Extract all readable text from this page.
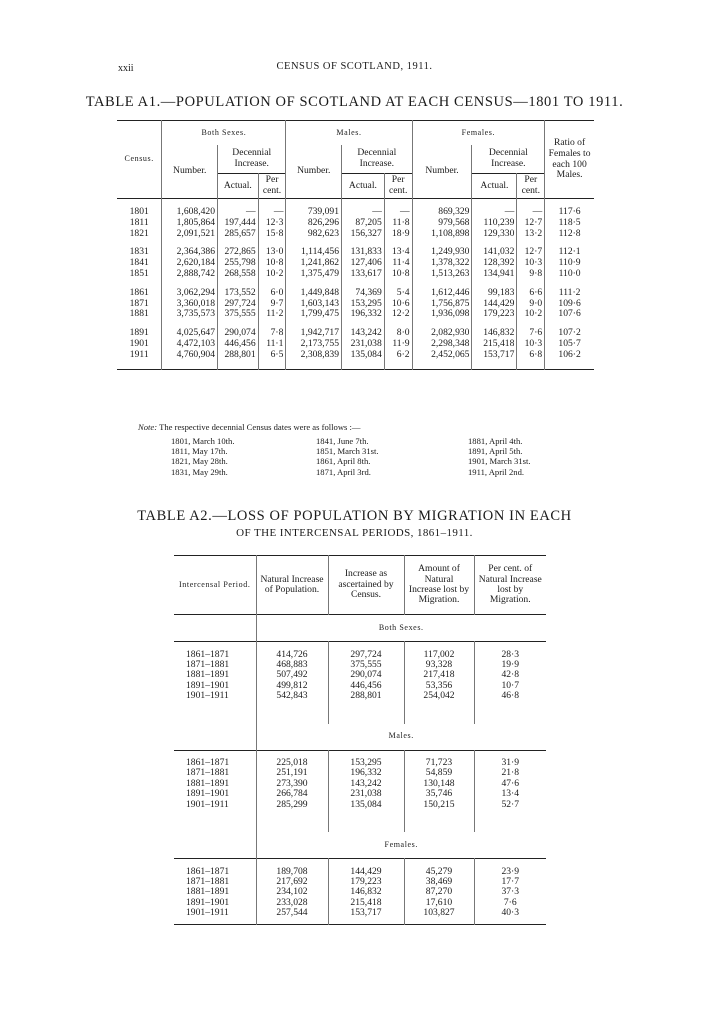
xxii	CENSUS OF SCOTLAND, 1911.
TABLE A1.—POPULATION OF SCOTLAND AT EACH CENSUS—1801 TO 1911.
Census.	Both Sexes.			Males.			Females.			Ratio of Females to each 100 Males.
	Number.	Decennial Increase.		Number.	Decennial Increase.		Number.	Decennial Increase.		
		Actual.	Per cent.		Actual.	Per cent.		Actual.	Per cent.	

1801	1,608,420	—	—	739,091	—	—	869,329	—	—	117·6
1811	1,805,864	197,444	12·3	826,296	87,205	11·8	979,568	110,239	12·7	118·5
1821	2,091,521	285,657	15·8	982,623	156,327	18·9	1,108,898	129,330	13·2	112·8

1831	2,364,386	272,865	13·0	1,114,456	131,833	13·4	1,249,930	141,032	12·7	112·1
1841	2,620,184	255,798	10·8	1,241,862	127,406	11·4	1,378,322	128,392	10·3	110·9
1851	2,888,742	268,558	10·2	1,375,479	133,617	10·8	1,513,263	134,941	9·8	110·0

1861	3,062,294	173,552	6·0	1,449,848	74,369	5·4	1,612,446	99,183	6·6	111·2
1871	3,360,018	297,724	9·7	1,603,143	153,295	10·6	1,756,875	144,429	9·0	109·6
1881	3,735,573	375,555	11·2	1,799,475	196,332	12·2	1,936,098	179,223	10·2	107·6

1891	4,025,647	290,074	7·8	1,942,717	143,242	8·0	2,082,930	146,832	7·6	107·2
1901	4,472,103	446,456	11·1	2,173,755	231,038	11·9	2,298,348	215,418	10·3	105·7
1911	4,760,904	288,801	6·5	2,308,839	135,084	6·2	2,452,065	153,717	6·8	106·2

Note: The respective decennial Census dates were as follows :—
1801, March 10th.
1811, May 17th.
1821, May 28th.
1831, May 29th.
1841, June 7th.
1851, March 31st.
1861, April 8th.
1871, April 3rd.
1881, April 4th.
1891, April 5th.
1901, March 31st.
1911, April 2nd.
TABLE A2.—LOSS OF POPULATION BY MIGRATION IN EACH
OF THE INTERCENSAL PERIODS, 1861–1911.
Intercensal Period.	Natural Increase of Population.	Increase as ascertained by Census.	Amount of Natural Increase lost by Migration.	Per cent. of Natural Increase lost by Migration.
	Both Sexes.			

1861–1871	414,726	297,724	117,002	28·3
1871–1881	468,883	375,555	93,328	19·9
1881–1891	507,492	290,074	217,418	42·8
1891–1901	499,812	446,456	53,356	10·7
1901–1911	542,843	288,801	254,042	46·8

	Males.			

1861–1871	225,018	153,295	71,723	31·9
1871–1881	251,191	196,332	54,859	21·8
1881–1891	273,390	143,242	130,148	47·6
1891–1901	266,784	231,038	35,746	13·4
1901–1911	285,299	135,084	150,215	52·7

	Females.			

1861–1871	189,708	144,429	45,279	23·9
1871–1881	217,692	179,223	38,469	17·7
1881–1891	234,102	146,832	87,270	37·3
1891–1901	233,028	215,418	17,610	7·6
1901–1911	257,544	153,717	103,827	40·3
